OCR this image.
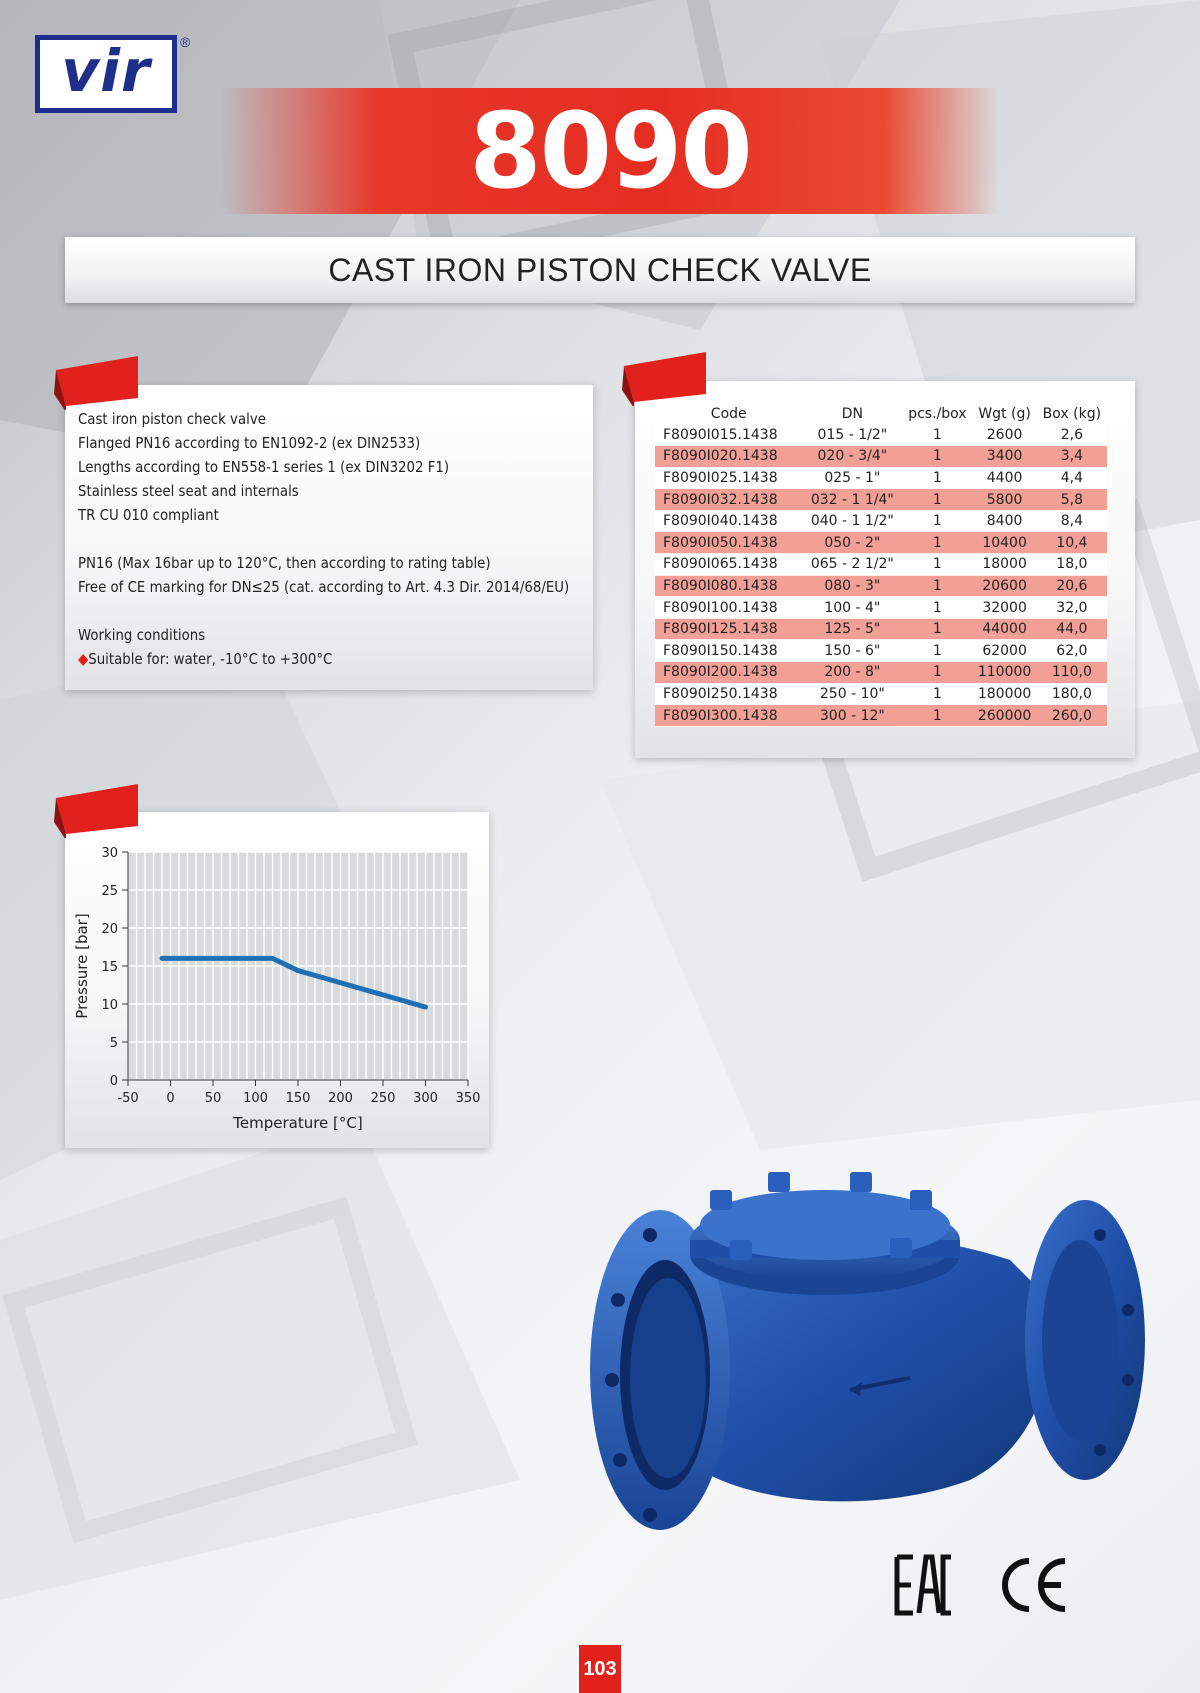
vir ®
8090
CAST IRON PISTON CHECK VALVE
Cast iron piston check valve
Flanged PN16 according to EN1092-2 (ex DIN2533)
Lengths according to EN558-1 series 1 (ex DIN3202 F1)
Stainless steel seat and internals
TR CU 010 compliant
PN16 (Max 16bar up to 120°C, then according to rating table)
Free of CE marking for DN≤25 (cat. according to Art. 4.3 Dir. 2014/68/EU)
Working conditions
◆Suitable for: water, -10°C to +300°C
Code	DN	pcs./box	Wgt (g)	Box (kg)
F8090I015.1438	015 - 1/2"	1	2600	2,6
F8090I020.1438	020 - 3/4"	1	3400	3,4
F8090I025.1438	025 - 1"	1	4400	4,4
F8090I032.1438	032 - 1 1/4"	1	5800	5,8
F8090I040.1438	040 - 1 1/2"	1	8400	8,4
F8090I050.1438	050 - 2"	1	10400	10,4
F8090I065.1438	065 - 2 1/2"	1	18000	18,0
F8090I080.1438	080 - 3"	1	20600	20,6
F8090I100.1438	100 - 4"	1	32000	32,0
F8090I125.1438	125 - 5"	1	44000	44,0
F8090I150.1438	150 - 6"	1	62000	62,0
F8090I200.1438	200 - 8"	1	110000	110,0
F8090I250.1438	250 - 10"	1	180000	180,0
F8090I300.1438	300 - 12"	1	260000	260,0
0
5
10
15
20
25
30
-50 0 50 100 150 200 250 300 350
Temperature [°C]
Pressure [bar]
103
